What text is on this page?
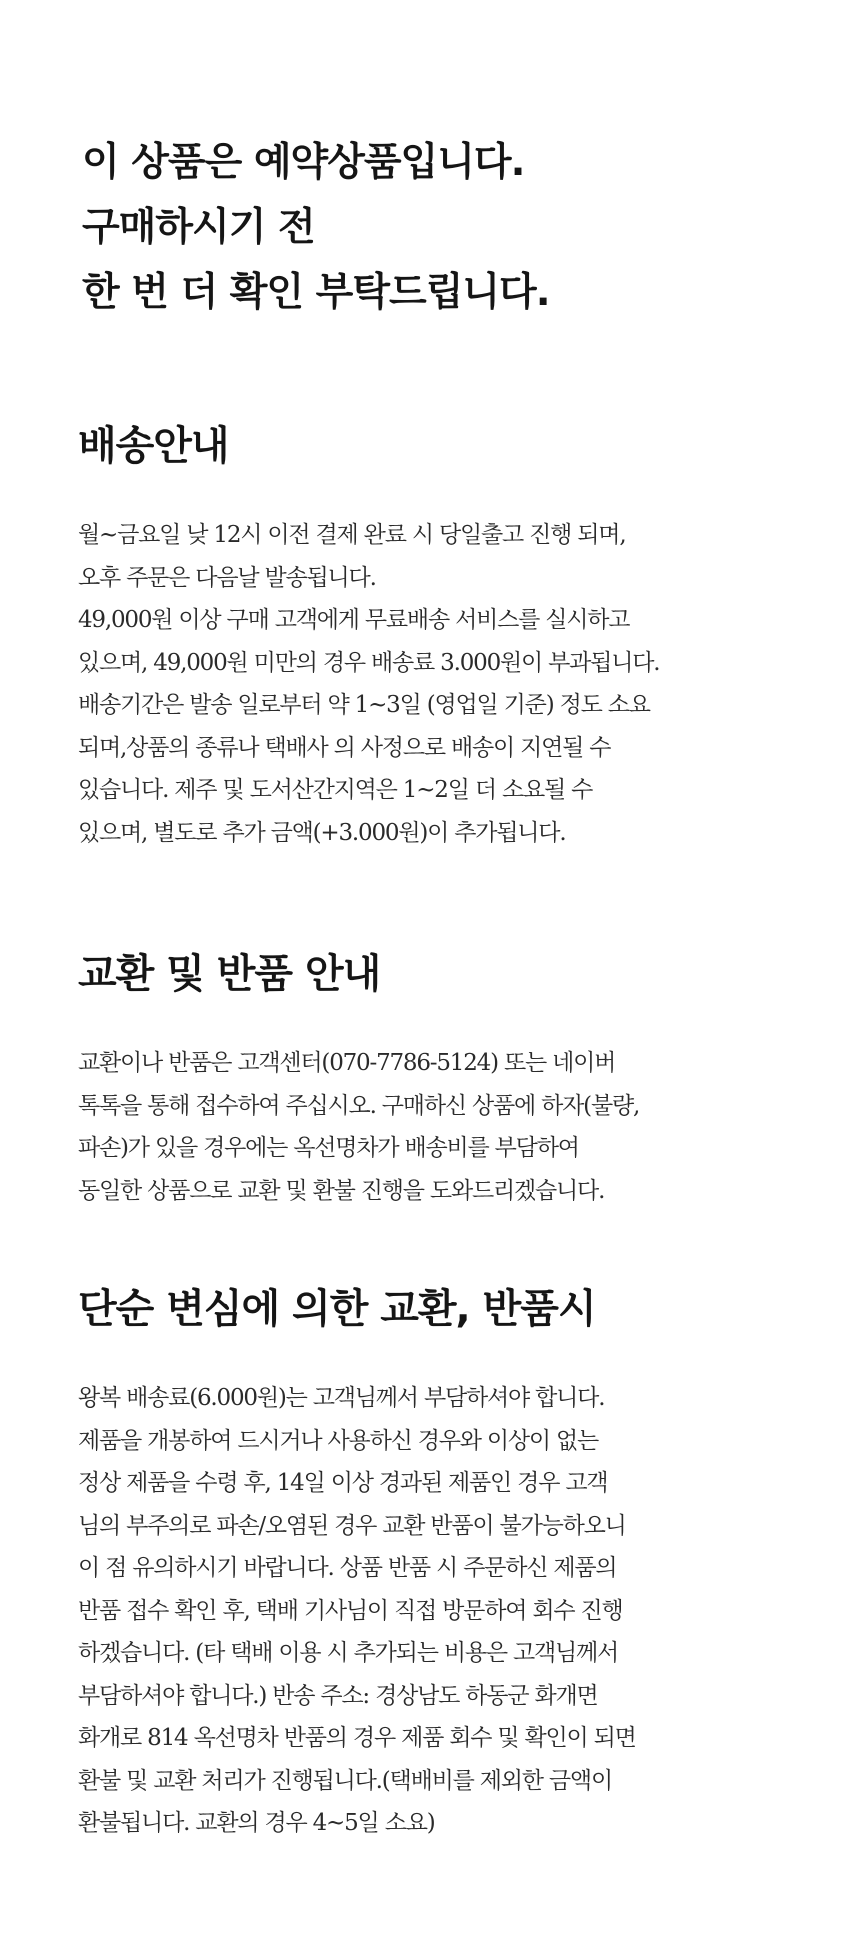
이 상품은 예약상품입니다.
구매하시기 전
한 번 더 확인 부탁드립니다.
배송안내
월~금요일 낮 12시 이전 결제 완료 시 당일출고 진행 되며,
오후 주문은 다음날 발송됩니다.
49,000원 이상 구매 고객에게 무료배송 서비스를 실시하고
있으며, 49,000원 미만의 경우 배송료 3.000원이 부과됩니다.
배송기간은 발송 일로부터 약 1~3일 (영업일 기준) 정도 소요
되며,상품의 종류나 택배사 의 사정으로 배송이 지연될 수
있습니다. 제주 및 도서산간지역은 1~2일 더 소요될 수
있으며, 별도로 추가 금액(+3.000원)이 추가됩니다.
교환 및 반품 안내
교환이나 반품은 고객센터(070-7786-5124) 또는 네이버
톡톡을 통해 접수하여 주십시오. 구매하신 상품에 하자(불량,
파손)가 있을 경우에는 옥선명차가 배송비를 부담하여
동일한 상품으로 교환 및 환불 진행을 도와드리겠습니다.
단순 변심에 의한 교환, 반품시
왕복 배송료(6.000원)는 고객님께서 부담하셔야 합니다.
제품을 개봉하여 드시거나 사용하신 경우와 이상이 없는
정상 제품을 수령 후, 14일 이상 경과된 제품인 경우 고객
님의 부주의로 파손/오염된 경우 교환 반품이 불가능하오니
이 점 유의하시기 바랍니다. 상품 반품 시 주문하신 제품의
반품 접수 확인 후, 택배 기사님이 직접 방문하여 회수 진행
하겠습니다. (타 택배 이용 시 추가되는 비용은 고객님께서
부담하셔야 합니다.) 반송 주소: 경상남도 하동군 화개면
화개로 814 옥선명차 반품의 경우 제품 회수 및 확인이 되면
환불 및 교환 처리가 진행됩니다.(택배비를 제외한 금액이
환불됩니다. 교환의 경우 4~5일 소요)
